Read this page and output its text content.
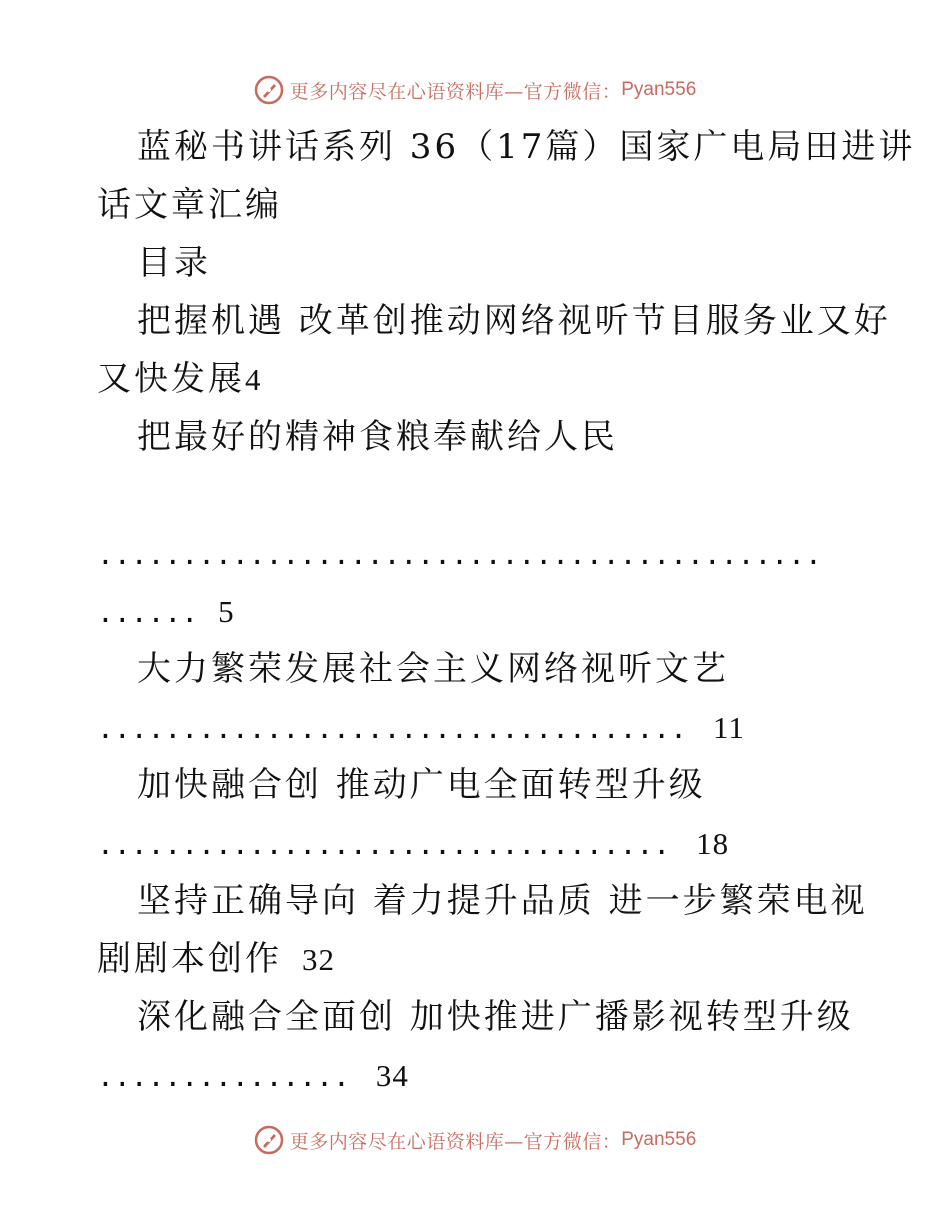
更多内容尽在心语资料库—官方微信： Pyan556
蓝秘书讲话系列 36（17篇）国家广电局田进讲
话文章汇编
目录
把握机遇 改革创推动网络视听节目服务业又好
又快发展4
把最好的精神食粮奉献给人民
...........................................
...... 5
大力繁荣发展社会主义网络视听文艺
................................... 11
加快融合创 推动广电全面转型升级
.................................. 18
坚持正确导向 着力提升品质 进一步繁荣电视
剧剧本创作 32
深化融合全面创 加快推进广播影视转型升级
............... 34
更多内容尽在心语资料库—官方微信： Pyan556
